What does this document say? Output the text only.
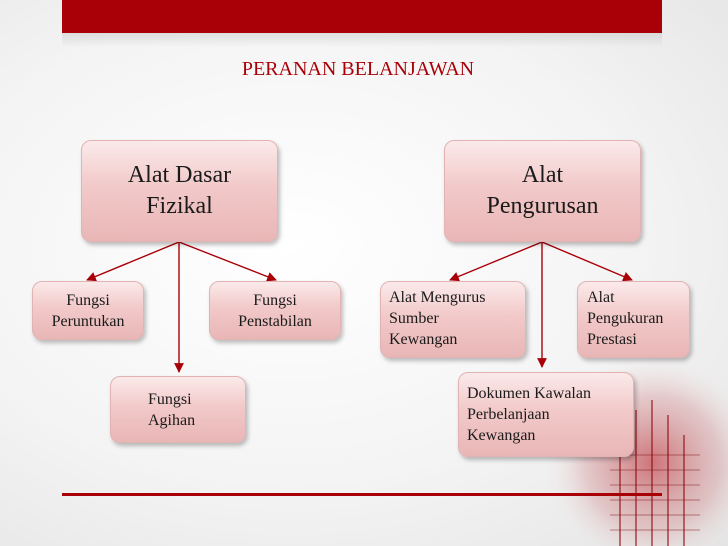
PERANAN BELANJAWAN
Alat Dasar
Fizikal
Alat
Pengurusan
Fungsi
Peruntukan
Fungsi
Penstabilan
Fungsi
Agihan
Alat Mengurus
Sumber
Kewangan
Alat
Pengukuran
Prestasi
Dokumen Kawalan
Perbelanjaan
Kewangan
